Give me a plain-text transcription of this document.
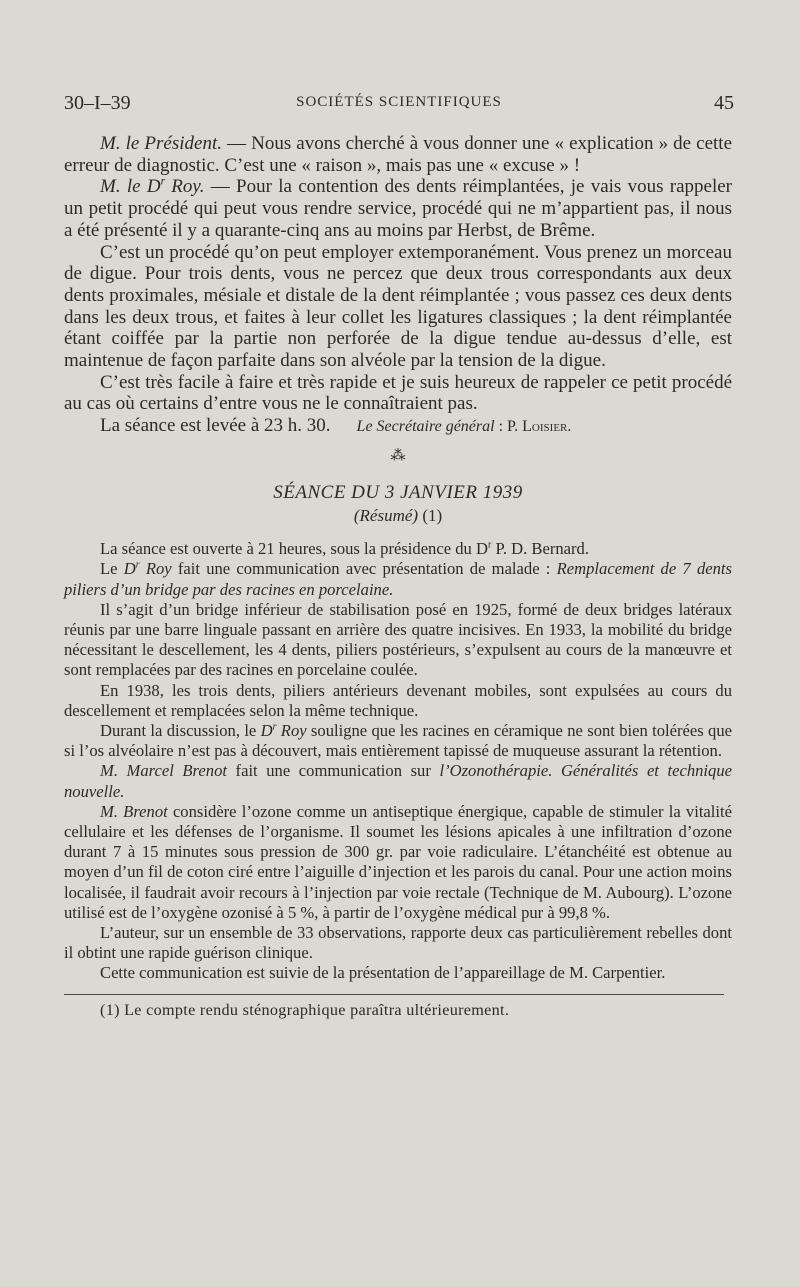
30–I–39	SOCIÉTÉS SCIENTIFIQUES	45

M. le Président. — Nous avons cherché à vous donner une « explication » de cette erreur de diagnostic. C’est une « raison », mais pas une « excuse » !

M. le $D^r$ Roy. — Pour la contention des dents réimplantées, je vais vous rappeler un petit procédé qui peut vous rendre service, procédé qui ne m’appartient pas, il nous a été présenté il y a quarante-cinq ans au moins par Herbst, de Brême.

C’est un procédé qu’on peut employer extemporanément. Vous prenez un morceau de digue. Pour trois dents, vous ne percez que deux trous correspondants aux deux dents proximales, mésiale et distale de la dent réimplantée ; vous passez ces deux dents dans les deux trous, et faites à leur collet les ligatures classiques ; la dent réimplantée étant coiffée par la partie non perforée de la digue tendue au-dessus d’elle, est maintenue de façon parfaite dans son alvéole par la tension de la digue.

C’est très facile à faire et très rapide et je suis heureux de rappeler ce petit procédé au cas où certains d’entre vous ne le connaîtraient pas.

La séance est levée à 23 h. 30. Le Secrétaire général : P. Loisier.
⁂
SÉANCE DU 3 JANVIER 1939
(Résumé) (1)

La séance est ouverte à 21 heures, sous la présidence du $D^r$ P. D. Bernard.

Le $D^r$ Roy fait une communication avec présentation de malade : Remplacement de 7 dents piliers d’un bridge par des racines en porcelaine.

Il s’agit d’un bridge inférieur de stabilisation posé en 1925, formé de deux bridges latéraux réunis par une barre linguale passant en arrière des quatre incisives. En 1933, la mobilité du bridge nécessitant le descellement, les 4 dents, piliers postérieurs, s’expulsent au cours de la manœuvre et sont remplacées par des racines en porcelaine coulée.

En 1938, les trois dents, piliers antérieurs devenant mobiles, sont expulsées au cours du descellement et remplacées selon la même technique.

Durant la discussion, le $D^r$ Roy souligne que les racines en céramique ne sont bien tolérées que si l’os alvéolaire n’est pas à découvert, mais entièrement tapissé de muqueuse assurant la rétention.

M. Marcel Brenot fait une communication sur l’Ozonothérapie. Généralités et technique nouvelle.

M. Brenot considère l’ozone comme un antiseptique énergique, capable de stimuler la vitalité cellulaire et les défenses de l’organisme. Il soumet les lésions apicales à une infiltration d’ozone durant 7 à 15 minutes sous pression de 300 gr. par voie radiculaire. L’étanchéité est obtenue au moyen d’un fil de coton ciré entre l’aiguille d’injection et les parois du canal. Pour une action moins localisée, il faudrait avoir recours à l’injection par voie rectale (Technique de M. Aubourg). L’ozone utilisé est de l’oxygène ozonisé à 5 %, à partir de l’oxygène médical pur à 99,8 %.

L’auteur, sur un ensemble de 33 observations, rapporte deux cas particulièrement rebelles dont il obtint une rapide guérison clinique.

Cette communication est suivie de la présentation de l’appareillage de M. Carpentier.

(1) Le compte rendu sténographique paraîtra ultérieurement.
